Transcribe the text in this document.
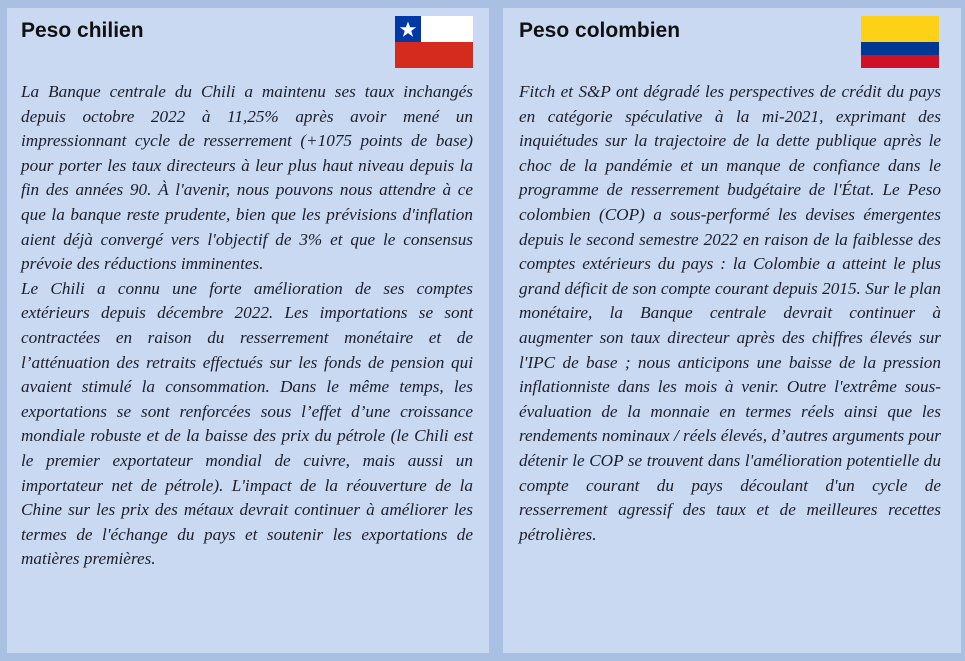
Peso chilien

La Banque centrale du Chili a maintenu ses taux inchangés depuis octobre 2022 à 11,25% après avoir mené un impressionnant cycle de resserrement (+1075 points de base) pour porter les taux directeurs à leur plus haut niveau depuis la fin des années 90. À l'avenir, nous pouvons nous attendre à ce que la banque reste prudente, bien que les prévisions d'inflation aient déjà convergé vers l'objectif de 3% et que le consensus prévoie des réductions imminentes.

Le Chili a connu une forte amélioration de ses comptes extérieurs depuis décembre 2022. Les importations se sont contractées en raison du resserrement monétaire et de l’atténuation des retraits effectués sur les fonds de pension qui avaient stimulé la consommation. Dans le même temps, les exportations se sont renforcées sous l’effet d’une croissance mondiale robuste et de la baisse des prix du pétrole (le Chili est le premier exportateur mondial de cuivre, mais aussi un importateur net de pétrole). L'impact de la réouverture de la Chine sur les prix des métaux devrait continuer à améliorer les termes de l'échange du pays et soutenir les exportations de matières premières.

Peso colombien

Fitch et S&P ont dégradé les perspectives de crédit du pays en catégorie spéculative à la mi-2021, exprimant des inquiétudes sur la trajectoire de la dette publique après le choc de la pandémie et un manque de confiance dans le programme de resserrement budgétaire de l'État. Le Peso colombien (COP) a sous-performé les devises émergentes depuis le second semestre 2022 en raison de la faiblesse des comptes extérieurs du pays : la Colombie a atteint le plus grand déficit de son compte courant depuis 2015. Sur le plan monétaire, la Banque centrale devrait continuer à augmenter son taux directeur après des chiffres élevés sur l'IPC de base ; nous anticipons une baisse de la pression inflationniste dans les mois à venir. Outre l'extrême sous-évaluation de la monnaie en termes réels ainsi que les rendements nominaux / réels élevés, d’autres arguments pour détenir le COP se trouvent dans l'amélioration potentielle du compte courant du pays découlant d'un cycle de resserrement agressif des taux et de meilleures recettes pétrolières.
